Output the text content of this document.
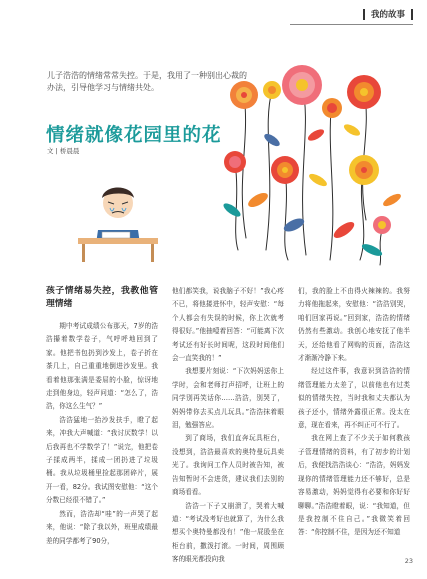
我的故事
儿子浩浩的情绪常常失控。于是，我用了一种别出心裁的办法，引导他学习与情绪共处。
情绪就像花园里的花
文 | 桥晨晨
孩子情绪易失控，我教他管理情绪

期中考试成绩公布那天，7岁的浩浩攥着数学卷子，气呼呼地回到了家。他把书包扔到沙发上，卷子折在茶几上，自己重重地倒进沙发里。我看着他那张满是委屈的小脸，惊讶地走到他身边，轻声问道：“怎么了，浩浩，你这么生气？”

浩浩猛地一抬沙发扶手，瞪了起来，冲我大声喊道：“我讨厌数学！以后我再也不学数学了！”说完，他把卷子揉成两半，揉成一团扔进了垃圾桶。我从垃圾桶里捡起那团碎片，展开一看，82分。我试图安慰他：“这个分数已经很不错了。”

然而，浩浩却“哇”的一声哭了起来，他说：“除了我以外，班里成绩最差的同学都考了90分，

他们都笑我，说我脑子不好！”我心疼不已，将他搂进怀中，轻声安慰：“每个人都会有失误的时候，你上次就考得很好。”他抽噎着回答：“可能离下次考试还有好长时间呢，这段时间他们会一直笑我的！”

我想要片刻说：“下次妈妈送你上学时，会和老师打声招呼，让班上的同学别再笑话你……浩浩，别哭了，妈妈带你去买点儿玩具。”浩浩抹着眼泪，勉强答应。

到了商场，我们直奔玩具柜台，没想到，浩浩最喜欢的奥特曼玩具卖光了。我询问工作人员时被告知，被告知暂时不会进货，建议我们去别的商场看看。

浩浩一下子又崩溃了，哭着大喊道：“考试没考好也就算了，为什么我想买个奥特曼都没有！”他一屁股坐在柜台前，撒泼打滚。一时间，周围顾客的眼光都投向我

们，我的脸上不由得火辣辣的。我努力将他拖起来，安慰他：“浩浩别哭，咱们回家再说。”回到家，浩浩的情绪仍然有些激动。我创心地安抚了他半天，还给他看了网购的页面，浩浩这才渐渐冷静下来。

经过这件事，我意识到浩浩的情绪管理能力太差了，以前他也有过类似的情绪失控，当时我和丈夫都认为孩子还小，情绪外露很正常。没太在意，现在看来，再不纠正可不行了。

我在网上查了不少关于如何教孩子管理情绪的资料，有了初步的计划后，我便找浩浩谈心：“浩浩，妈妈发现你的情绪管理能力还不够好，总是容易激动，妈妈觉得有必要和你好好聊聊。”浩浩瞪着眼，说：“我知道，但是我控制不住自己。”我微笑着回答：“你控制不住，是因为还不知道

23
